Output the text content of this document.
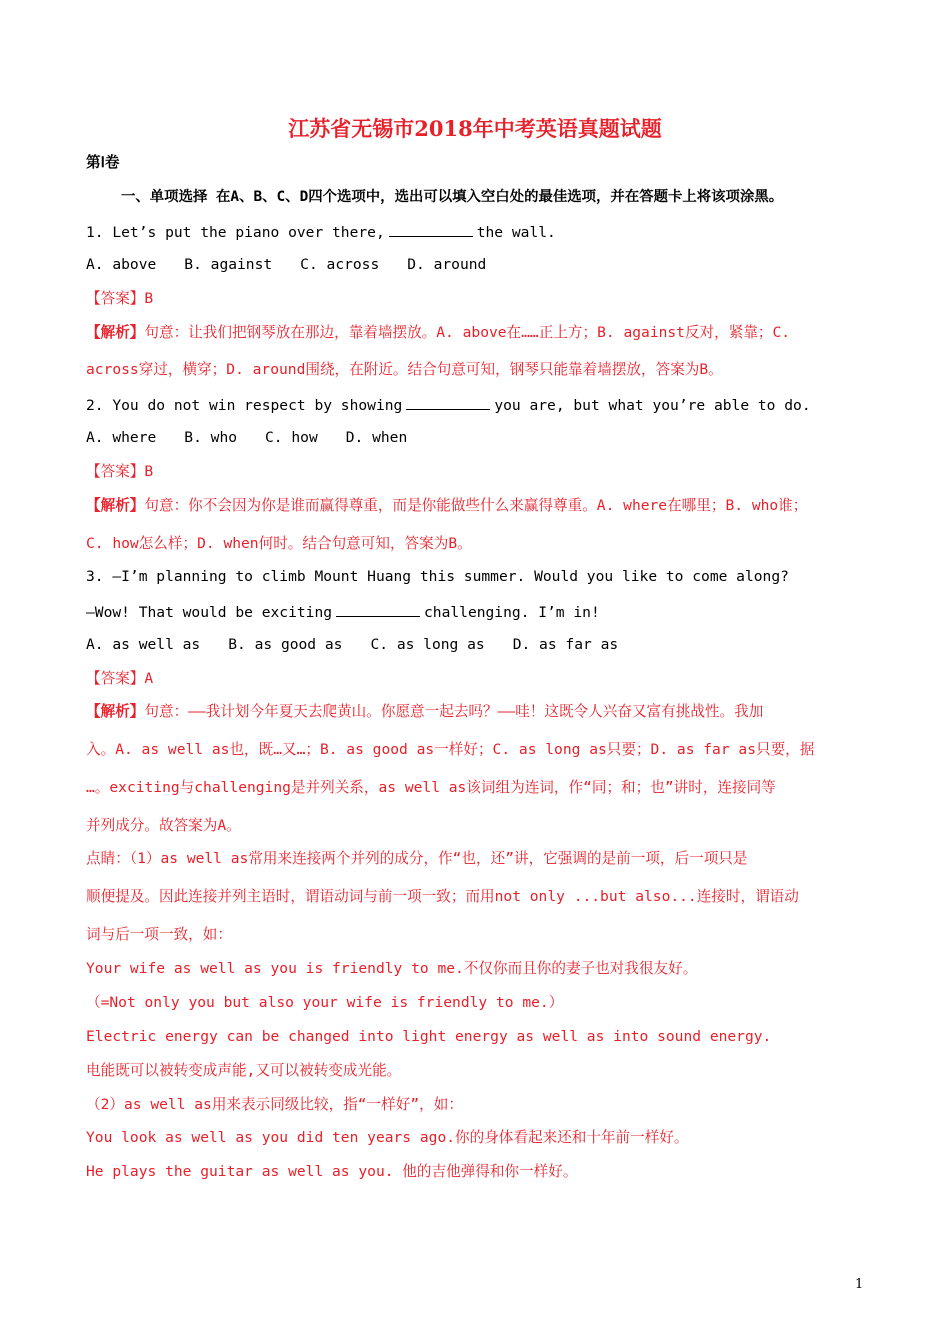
江苏省无锡市2018年中考英语真题试题
第Ⅰ卷
一、单项选择 在A、B、C、D四个选项中，选出可以填入空白处的最佳选项，并在答题卡上将该项涂黑。
1. Let’s put the piano over there,	the wall.
A. above B. against C. across D. around
【答案】B
【解析】句意：让我们把钢琴放在那边，靠着墙摆放。A. above在……正上方；B. against反对，紧靠；C.
across穿过，横穿；D. around围绕，在附近。结合句意可知，钢琴只能靠着墙摆放，答案为B。
2. You do not win respect by showing	you are, but what you’re able to do.
A. where B. who C. how D. when
【答案】B
【解析】句意：你不会因为你是谁而赢得尊重，而是你能做些什么来赢得尊重。A. where在哪里；B. who谁；
C. how怎么样；D. when何时。结合句意可知，答案为B。
3. —I’m planning to climb Mount Huang this summer. Would you like to come along?
—Wow! That would be exciting	challenging. I’m in!
A. as well as B. as good as C. as long as D. as far as
【答案】A
【解析】句意：——我计划今年夏天去爬黄山。你愿意一起去吗？——哇！这既令人兴奋又富有挑战性。我加
入。A. as well as也，既…又…；B. as good as一样好；C. as long as只要；D. as far as只要，据
…。exciting与challenging是并列关系，as well as该词组为连词，作“同；和；也”讲时，连接同等
并列成分。故答案为A。
点睛：（1）as well as常用来连接两个并列的成分，作“也，还”讲，它强调的是前一项，后一项只是
顺便提及。因此连接并列主语时，谓语动词与前一项一致；而用not only ...but also...连接时，谓语动
词与后一项一致，如：
Your wife as well as you is friendly to me.不仅你而且你的妻子也对我很友好。
（=Not only you but also your wife is friendly to me.）
Electric energy can be changed into light energy as well as into sound energy.
电能既可以被转变成声能,又可以被转变成光能。
（2）as well as用来表示同级比较，指“一样好”，如：
You look as well as you did ten years ago.你的身体看起来还和十年前一样好。
He plays the guitar as well as you. 他的吉他弹得和你一样好。
1
